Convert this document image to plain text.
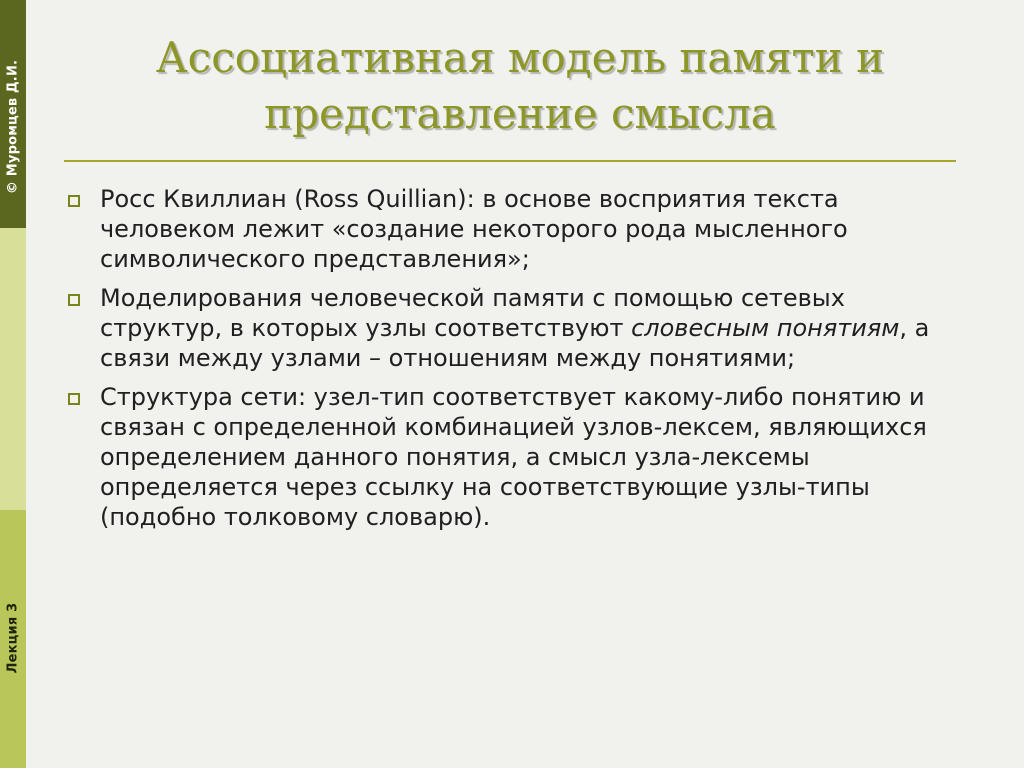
© Муромцев Д.И.
Лекция 3
Ассоциативная модель памяти и
представление смысла
Росс Квиллиан (Ross Quillian): в основе восприятия текста человеком лежит «создание некоторого рода мысленного символического представления»;
Моделирования человеческой памяти с помощью сетевых структур, в которых узлы соответствуют словесным понятиям, а связи между узлами – отношениям между понятиями;
Структура сети: узел-тип соответствует какому-либо понятию и связан с определенной комбинацией узлов-лексем, являющихся определением данного понятия, а смысл узла-лексемы определяется через ссылку на соответствующие узлы-типы (подобно толковому словарю).
